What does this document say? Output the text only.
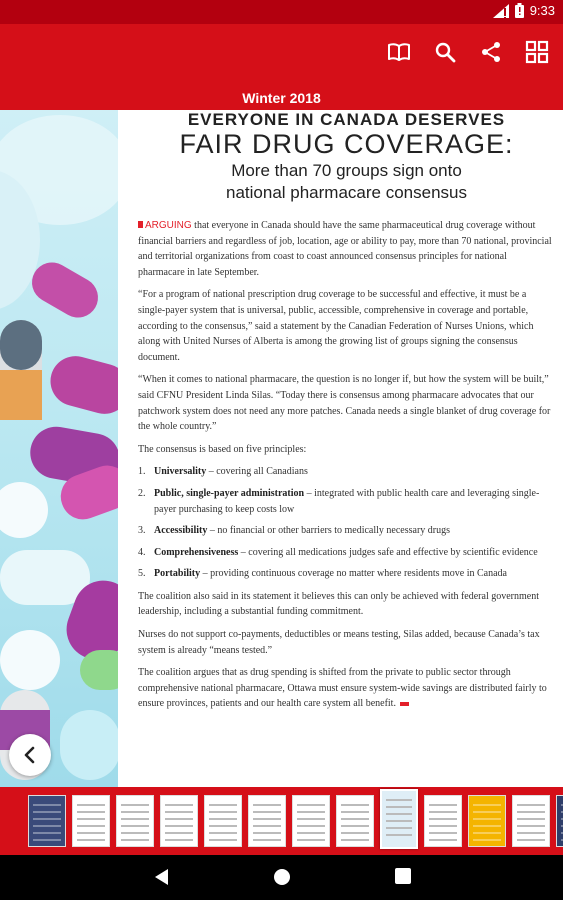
9:33
Winter 2018
EVERYONE IN CANADA DESERVES
FAIR DRUG COVERAGE:
More than 70 groups sign onto
national pharmacare consensus

ARGUING that everyone in Canada should have the same pharmaceutical drug coverage without financial barriers and regardless of job, location, age or ability to pay, more than 70 national, provincial and territorial organizations from coast to coast announced consensus principles for national pharmacare in late September.

“For a program of national prescription drug coverage to be successful and effective, it must be a single-payer system that is universal, public, accessible, comprehensive in coverage and portable, according to the consensus,” said a statement by the Canadian Federation of Nurses Unions, which along with United Nurses of Alberta is among the growing list of groups signing the consensus document.

“When it comes to national pharmacare, the question is no longer if, but how the system will be built,” said CFNU President Linda Silas. “Today there is consensus among pharmacare advocates that our patchwork system does not need any more patches. Canada needs a single blanket of drug coverage for the whole country.”

The consensus is based on five principles:

1. Universality – covering all Canadians
2. Public, single-payer administration – integrated with public health care and leveraging single-payer purchasing to keep costs low
3. Accessibility – no financial or other barriers to medically necessary drugs
4. Comprehensiveness – covering all medications judges safe and effective by scientific evidence
5. Portability – providing continuous coverage no matter where residents move in Canada

The coalition also said in its statement it believes this can only be achieved with federal government leadership, including a substantial funding commitment.

Nurses do not support co-payments, deductibles or means testing, Silas added, because Canada’s tax system is already “means tested.”

The coalition argues that as drug spending is shifted from the private to public sector through comprehensive national pharmacare, Ottawa must ensure system-wide savings are distributed fairly to ensure provinces, patients and our health care system all benefit.
